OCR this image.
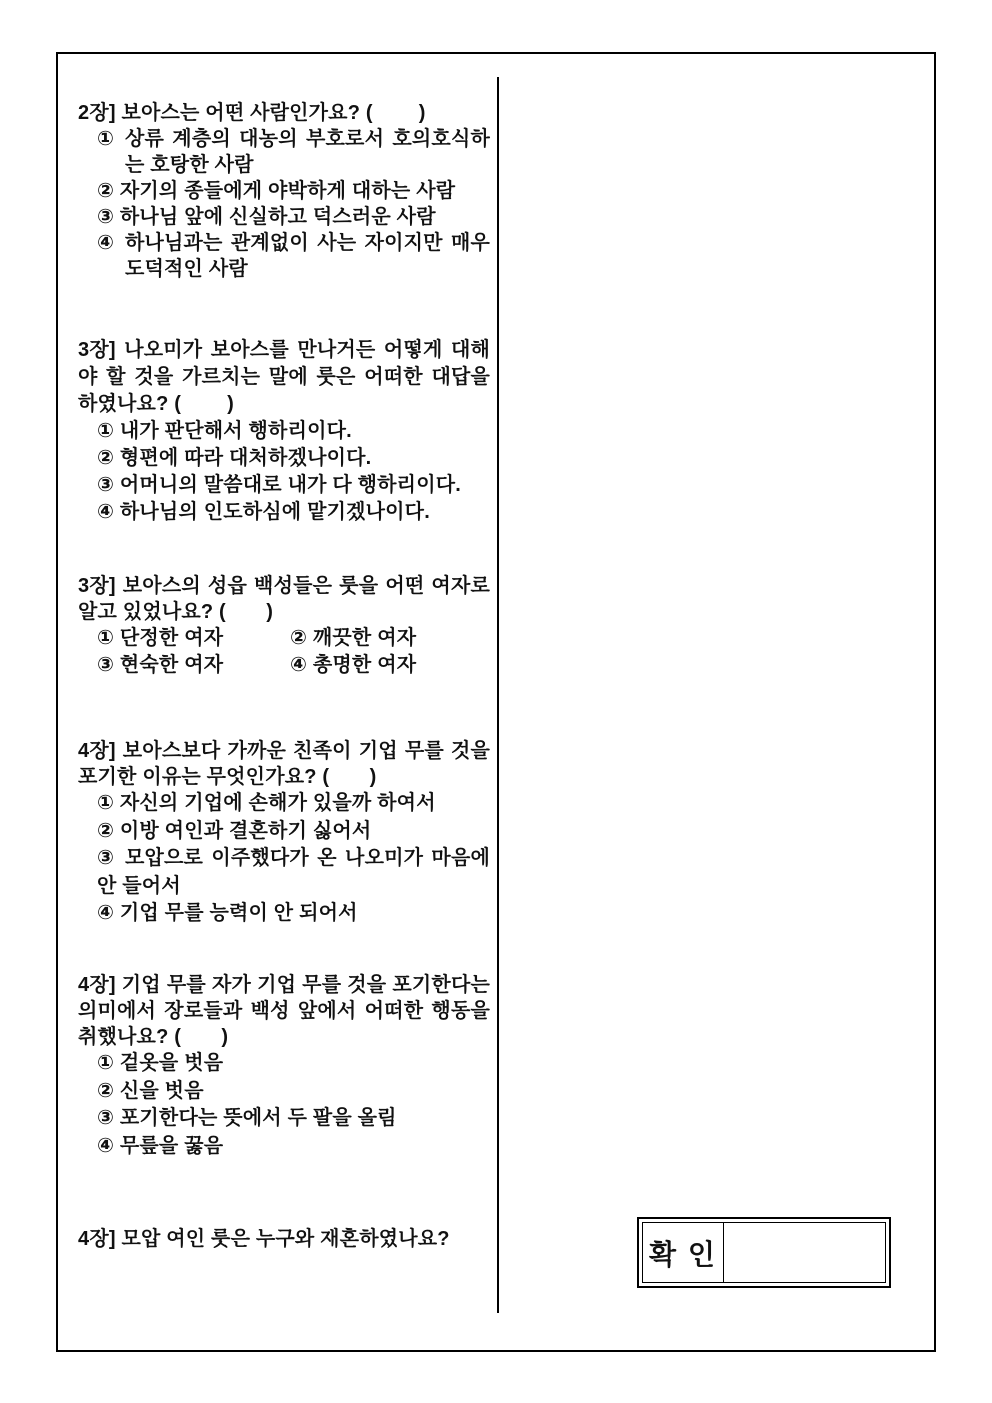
2장] 보아스는 어떤 사람인가요? (        )
① 상류 계층의 대농의 부호로서 호의호식하는 호탕한 사람
② 자기의 종들에게 야박하게 대하는 사람
③ 하나님 앞에 신실하고 덕스러운 사람
④ 하나님과는 관계없이 사는 자이지만 매우 도덕적인 사람
3장] 나오미가 보아스를 만나거든 어떻게 대해야 할 것을 가르치는 말에 룻은 어떠한 대답을 하였나요? (        )
① 내가 판단해서 행하리이다.
② 형편에 따라 대처하겠나이다.
③ 어머니의 말씀대로 내가 다 행하리이다.
④ 하나님의 인도하심에 맡기겠나이다.
3장] 보아스의 성읍 백성들은 룻을 어떤 여자로 알고 있었나요? (       )
① 단정한 여자	② 깨끗한 여자
③ 현숙한 여자	④ 총명한 여자
4장] 보아스보다 가까운 친족이 기업 무를 것을 포기한 이유는 무엇인가요? (       )
① 자신의 기업에 손해가 있을까 하여서
② 이방 여인과 결혼하기 싫어서
③ 모압으로 이주했다가 온 나오미가 마음에 안 들어서
④ 기업 무를 능력이 안 되어서
4장] 기업 무를 자가 기업 무를 것을 포기한다는 의미에서 장로들과 백성 앞에서 어떠한 행동을 취했나요? (       )
① 겉옷을 벗음
② 신을 벗음
③ 포기한다는 뜻에서 두 팔을 올림
④ 무릎을 꿇음
4장] 모압 여인 룻은 누구와 재혼하였나요?	확 인
